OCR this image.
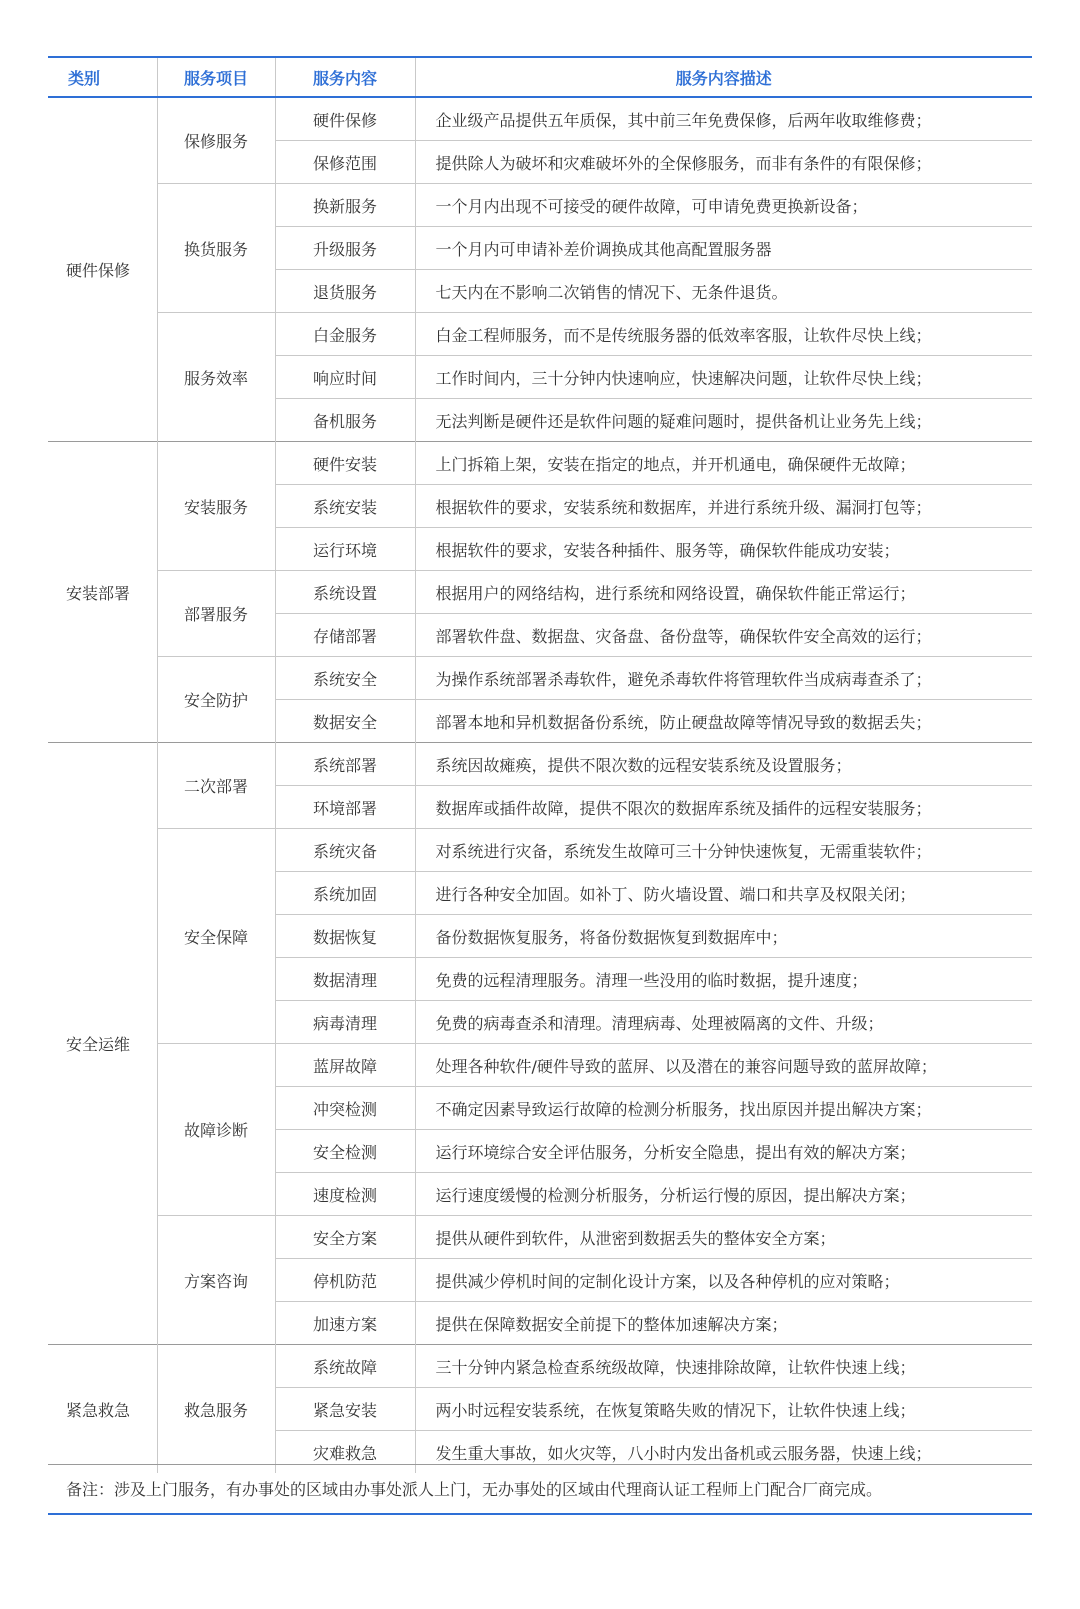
类别	服务项目	服务内容	服务内容描述
硬件保修	保修服务	硬件保修	企业级产品提供五年质保，其中前三年免费保修，后两年收取维修费；
		保修范围	提供除人为破坏和灾难破坏外的全保修服务，而非有条件的有限保修；
	换货服务	换新服务	一个月内出现不可接受的硬件故障，可申请免费更换新设备；
		升级服务	一个月内可申请补差价调换成其他高配置服务器
		退货服务	七天内在不影响二次销售的情况下、无条件退货。
	服务效率	白金服务	白金工程师服务，而不是传统服务器的低效率客服，让软件尽快上线；
		响应时间	工作时间内，三十分钟内快速响应，快速解决问题，让软件尽快上线；
		备机服务	无法判断是硬件还是软件问题的疑难问题时，提供备机让业务先上线；
安装部署	安装服务	硬件安装	上门拆箱上架，安装在指定的地点，并开机通电，确保硬件无故障；
		系统安装	根据软件的要求，安装系统和数据库，并进行系统升级、漏洞打包等；
		运行环境	根据软件的要求，安装各种插件、服务等，确保软件能成功安装；
	部署服务	系统设置	根据用户的网络结构，进行系统和网络设置，确保软件能正常运行；
		存储部署	部署软件盘、数据盘、灾备盘、备份盘等，确保软件安全高效的运行；
	安全防护	系统安全	为操作系统部署杀毒软件，避免杀毒软件将管理软件当成病毒查杀了；
		数据安全	部署本地和异机数据备份系统，防止硬盘故障等情况导致的数据丢失；
安全运维	二次部署	系统部署	系统因故瘫痪，提供不限次数的远程安装系统及设置服务；
		环境部署	数据库或插件故障，提供不限次的数据库系统及插件的远程安装服务；
	安全保障	系统灾备	对系统进行灾备，系统发生故障可三十分钟快速恢复，无需重装软件；
		系统加固	进行各种安全加固。如补丁、防火墙设置、端口和共享及权限关闭；
		数据恢复	备份数据恢复服务，将备份数据恢复到数据库中；
		数据清理	免费的远程清理服务。清理一些没用的临时数据，提升速度；
		病毒清理	免费的病毒查杀和清理。清理病毒、处理被隔离的文件、升级；
	故障诊断	蓝屏故障	处理各种软件/硬件导致的蓝屏、以及潜在的兼容问题导致的蓝屏故障；
		冲突检测	不确定因素导致运行故障的检测分析服务，找出原因并提出解决方案；
		安全检测	运行环境综合安全评估服务，分析安全隐患，提出有效的解决方案；
		速度检测	运行速度缓慢的检测分析服务，分析运行慢的原因，提出解决方案；
	方案咨询	安全方案	提供从硬件到软件，从泄密到数据丢失的整体安全方案；
		停机防范	提供减少停机时间的定制化设计方案，以及各种停机的应对策略；
		加速方案	提供在保障数据安全前提下的整体加速解决方案；
紧急救急	救急服务	系统故障	三十分钟内紧急检查系统级故障，快速排除故障，让软件快速上线；
		紧急安装	两小时远程安装系统，在恢复策略失败的情况下，让软件快速上线；
		灾难救急	发生重大事故，如火灾等，八小时内发出备机或云服务器，快速上线；
备注：涉及上门服务，有办事处的区域由办事处派人上门，无办事处的区域由代理商认证工程师上门配合厂商完成。
